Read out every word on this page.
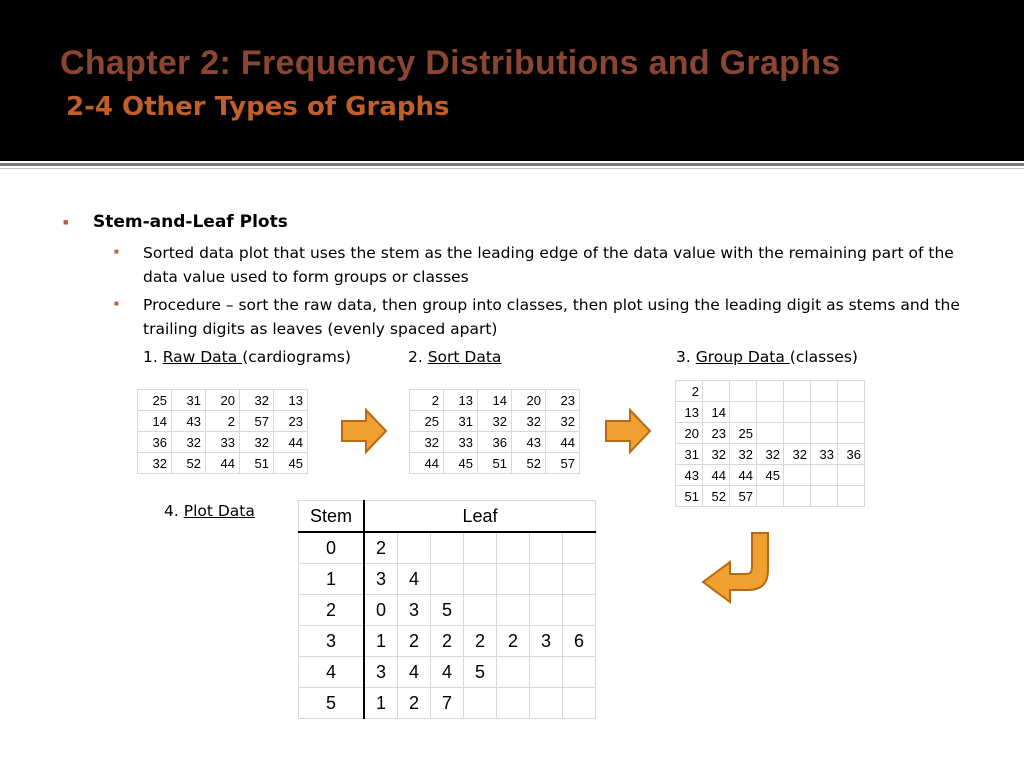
Chapter 2: Frequency Distributions and Graphs
2-4 Other Types of Graphs
■ Stem-and-Leaf Plots
■ Sorted data plot that uses the stem as the leading edge of the data value with the remaining part of the data value used to form groups or classes
■ Procedure – sort the raw data, then group into classes, then plot using the leading digit as stems and the trailing digits as leaves (evenly spaced apart)
1. Raw Data (cardiograms)	2. Sort Data	3. Group Data (classes)
4. Plot Data
25	31	20	32	13
14	43	2	57	23
36	32	33	32	44
32	52	44	51	45
2	13	14	20	23
25	31	32	32	32
32	33	36	43	44
44	45	51	52	57
2						
13	14					
20	23	25				
31	32	32	32	32	33	36
43	44	44	45			
51	52	57				
Stem	Leaf						
0	2						
1	3	4					
2	0	3	5				
3	1	2	2	2	2	3	6
4	3	4	4	5			
5	1	2	7				
